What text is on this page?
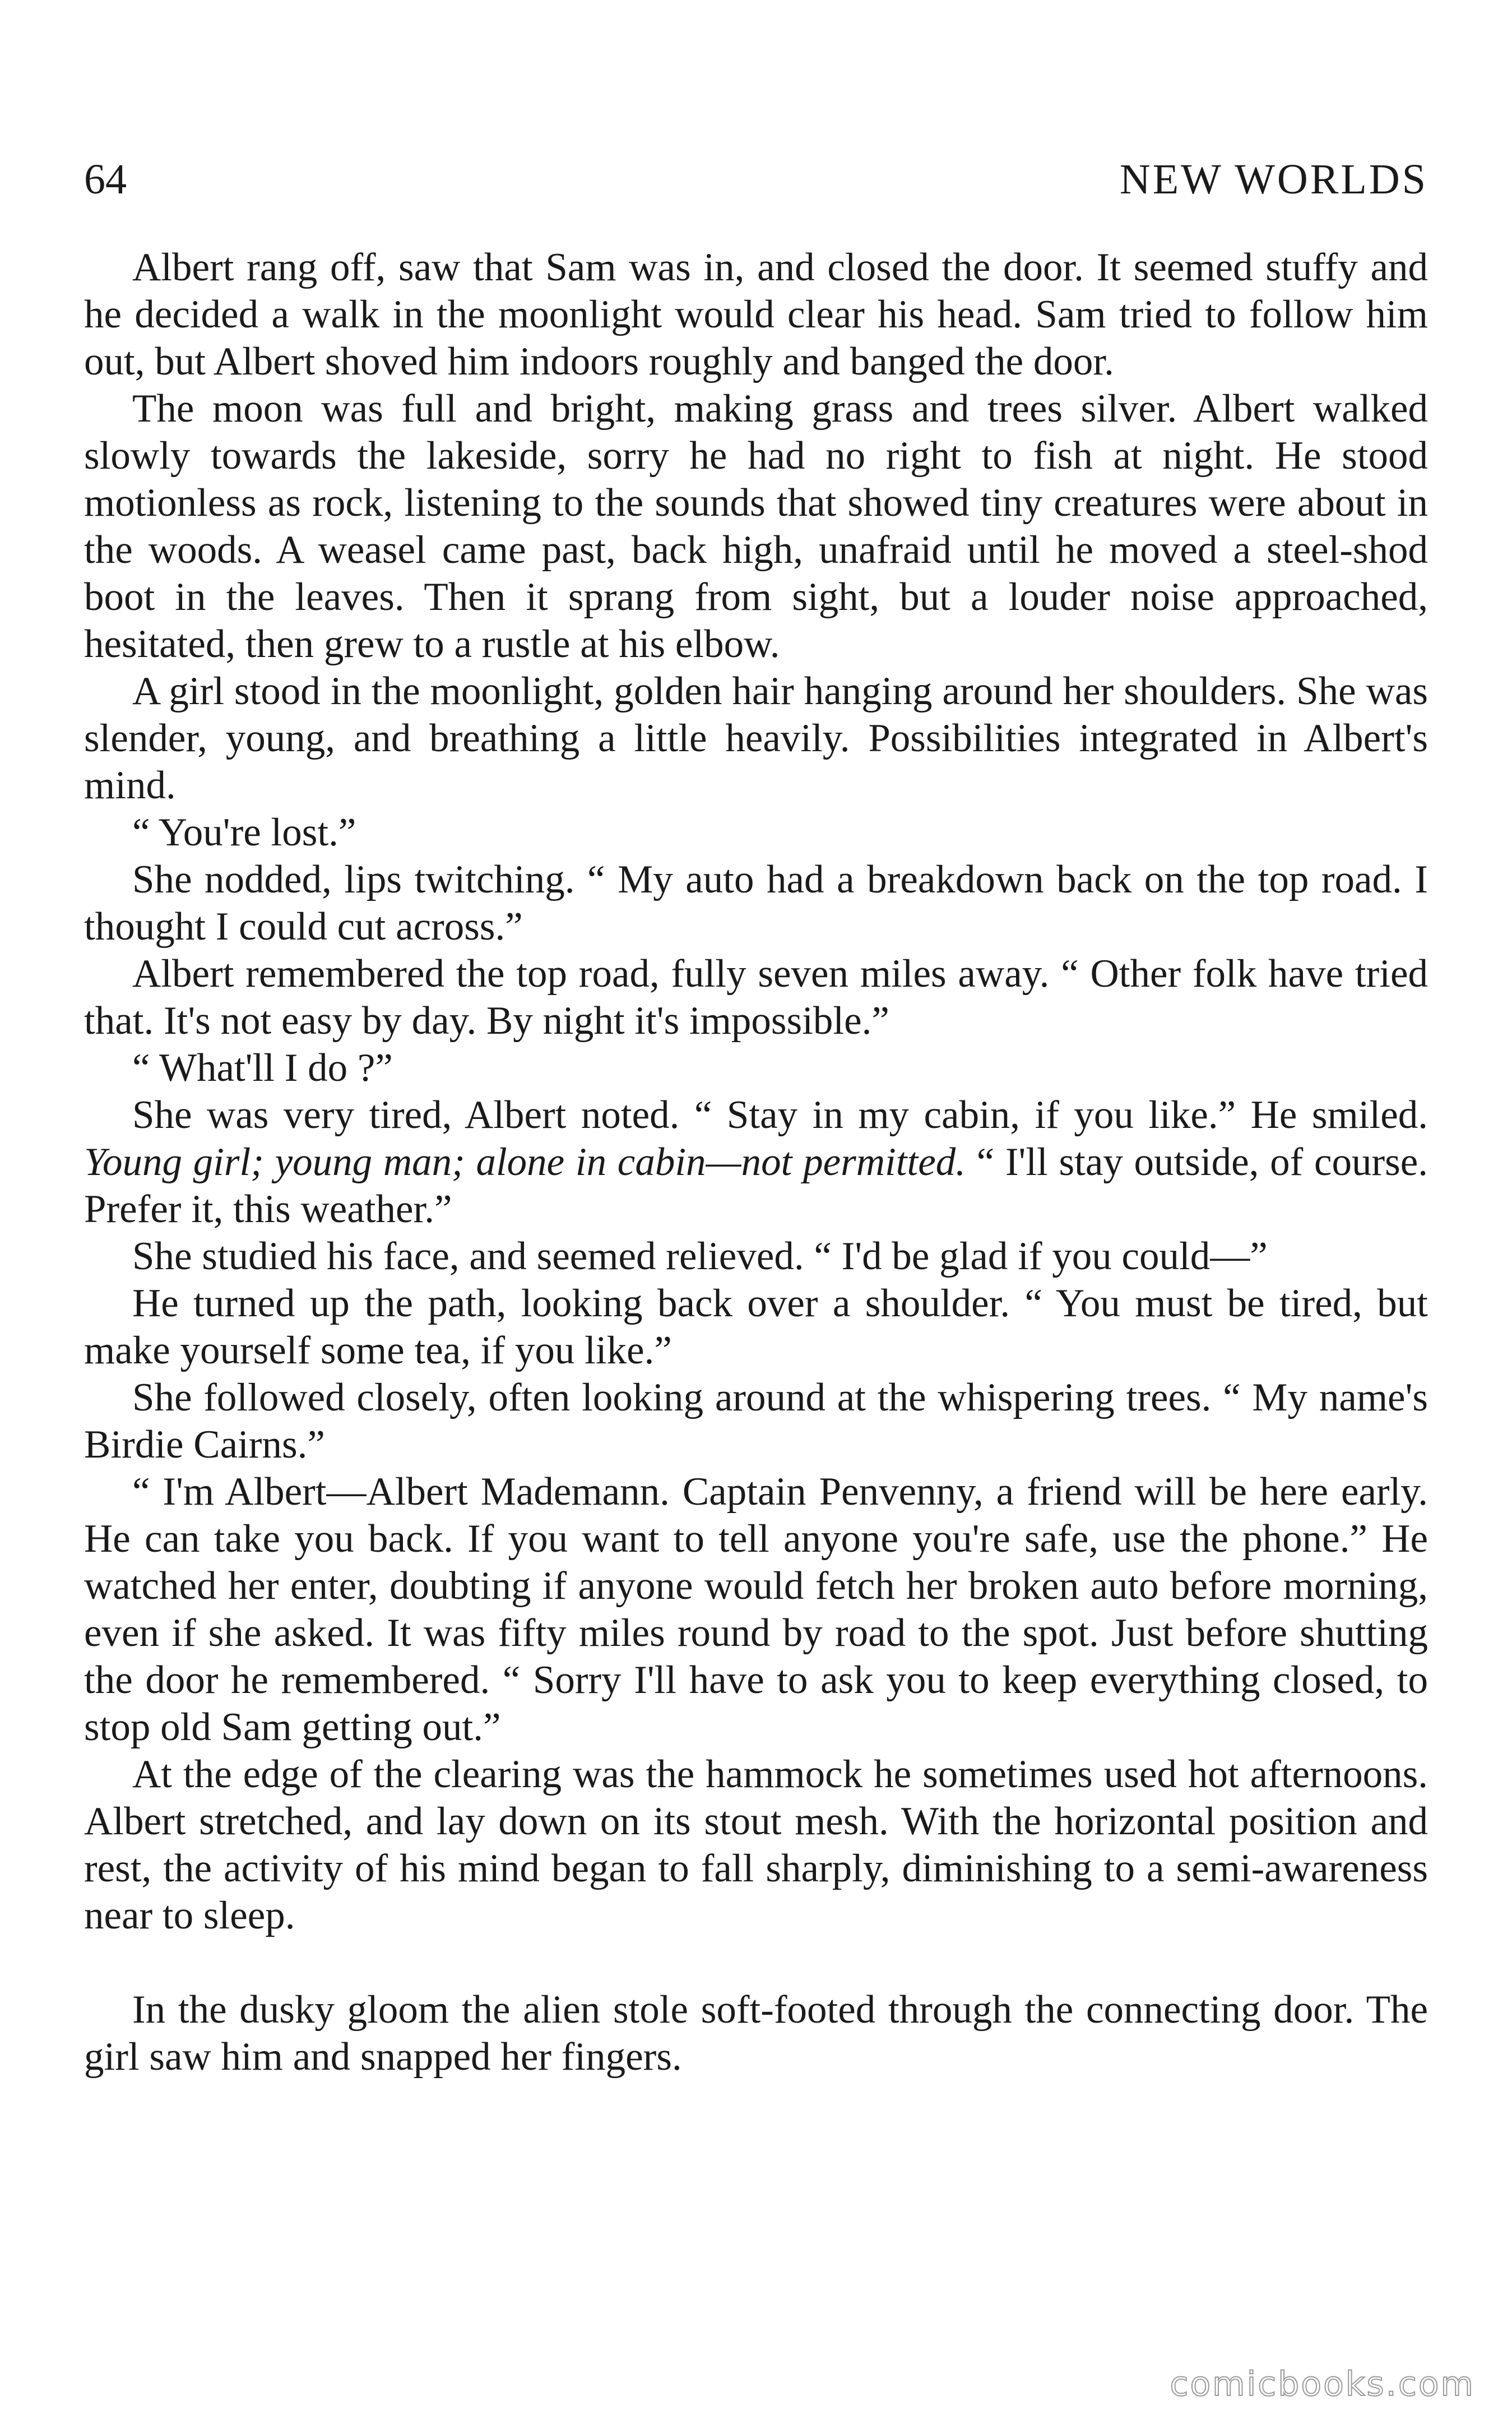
64	NEW WORLDS

Albert rang off, saw that Sam was in, and closed the door. It seemed stuffy and he decided a walk in the moonlight would clear his head. Sam tried to follow him out, but Albert shoved him indoors roughly and banged the door.

The moon was full and bright, making grass and trees silver. Albert walked slowly towards the lakeside, sorry he had no right to fish at night. He stood motionless as rock, listening to the sounds that showed tiny creatures were about in the woods. A weasel came past, back high, unafraid until he moved a steel-shod boot in the leaves. Then it sprang from sight, but a louder noise approached, hesitated, then grew to a rustle at his elbow.

A girl stood in the moonlight, golden hair hanging around her shoulders. She was slender, young, and breathing a little heavily. Possibilities integrated in Albert's mind.

“ You're lost.”

She nodded, lips twitching. “ My auto had a breakdown back on the top road. I thought I could cut across.”

Albert remembered the top road, fully seven miles away. “ Other folk have tried that. It's not easy by day. By night it's impossible.”

“ What'll I do ?”

She was very tired, Albert noted. “ Stay in my cabin, if you like.” He smiled. Young girl; young man; alone in cabin—not permitted. “ I'll stay outside, of course. Prefer it, this weather.”

She studied his face, and seemed relieved. “ I'd be glad if you could—”

He turned up the path, looking back over a shoulder. “ You must be tired, but make yourself some tea, if you like.”

She followed closely, often looking around at the whispering trees. “ My name's Birdie Cairns.”

“ I'm Albert—Albert Mademann. Captain Penvenny, a friend will be here early. He can take you back. If you want to tell anyone you're safe, use the phone.” He watched her enter, doubting if anyone would fetch her broken auto before morning, even if she asked. It was fifty miles round by road to the spot. Just before shutting the door he remembered. “ Sorry I'll have to ask you to keep everything closed, to stop old Sam getting out.”

At the edge of the clearing was the hammock he sometimes used hot afternoons. Albert stretched, and lay down on its stout mesh. With the horizontal position and rest, the activity of his mind began to fall sharply, diminishing to a semi-awareness near to sleep.

In the dusky gloom the alien stole soft-footed through the connecting door. The girl saw him and snapped her fingers.

comicbooks.com
